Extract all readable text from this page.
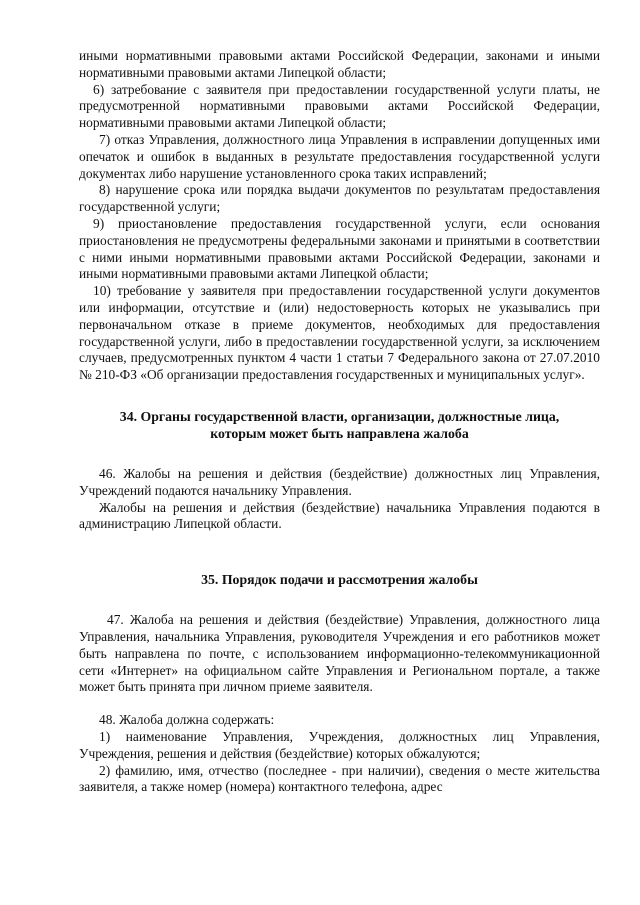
иными нормативными правовыми актами Российской Федерации, законами и иными нормативными правовыми актами Липецкой области;

6) затребование с заявителя при предоставлении государственной услуги платы, не предусмотренной нормативными правовыми актами Российской Федерации, нормативными правовыми актами Липецкой области;

7) отказ Управления, должностного лица Управления в исправлении допущенных ими опечаток и ошибок в выданных в результате предоставления государственной услуги документах либо нарушение установленного срока таких исправлений;

8) нарушение срока или порядка выдачи документов по результатам предоставления государственной услуги;

9) приостановление предоставления государственной услуги, если основания приостановления не предусмотрены федеральными законами и принятыми в соответствии с ними иными нормативными правовыми актами Российской Федерации, законами и иными нормативными правовыми актами Липецкой области;

10) требование у заявителя при предоставлении государственной услуги документов или информации, отсутствие и (или) недостоверность которых не указывались при первоначальном отказе в приеме документов, необходимых для предоставления государственной услуги, либо в предоставлении государственной услуги, за исключением случаев, предусмотренных пунктом 4 части 1 статьи 7 Федерального закона от 27.07.2010 № 210-ФЗ «Об организации предоставления государственных и муниципальных услуг».

34. Органы государственной власти, организации, должностные лица,
которым может быть направлена жалоба

46. Жалобы на решения и действия (бездействие) должностных лиц Управления, Учреждений подаются начальнику Управления.

Жалобы на решения и действия (бездействие) начальника Управления подаются в администрацию Липецкой области.

35. Порядок подачи и рассмотрения жалобы

47. Жалоба на решения и действия (бездействие) Управления, должностного лица Управления, начальника Управления, руководителя Учреждения и его работников может быть направлена по почте, с использованием информационно-телекоммуникационной сети «Интернет» на официальном сайте Управления и Региональном портале, а также может быть принята при личном приеме заявителя.

48. Жалоба должна содержать:

1) наименование Управления, Учреждения, должностных лиц Управления, Учреждения, решения и действия (бездействие) которых обжалуются;

2) фамилию, имя, отчество (последнее - при наличии), сведения о месте жительства заявителя, а также номер (номера) контактного телефона, адрес
